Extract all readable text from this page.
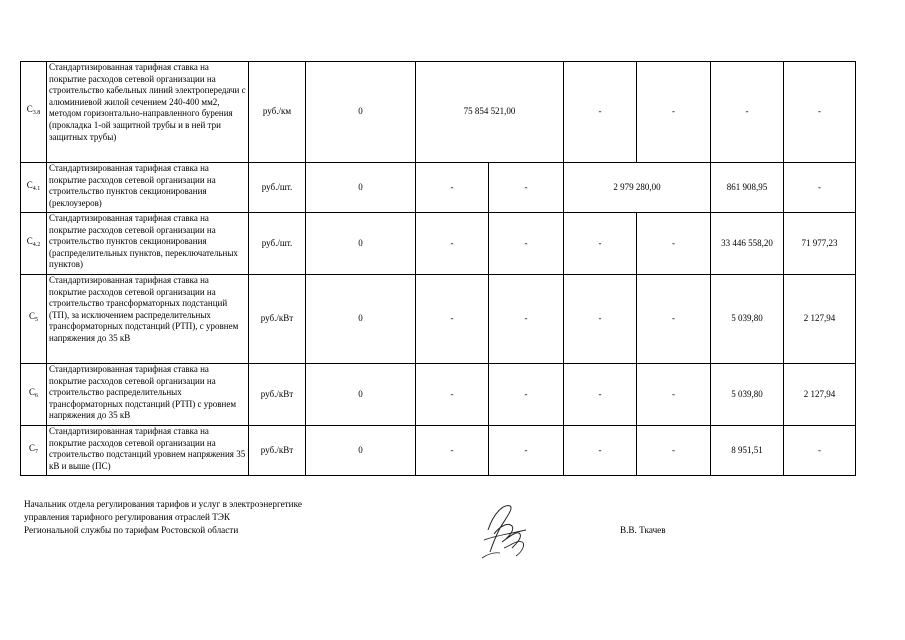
$C_{3.8}$	Стандартизированная тарифная ставка на покрытие расходов сетевой организации на строительство кабельных линий электропередачи с алюминиевой жилой сечением 240-400 мм2, методом горизонтально-направленного бурения (прокладка 1-ой защитной трубы и в ней три защитных трубы)	руб./км	0	75 854 521,00		-	-	-	-
$C_{4.1}$	Стандартизированная тарифная ставка на покрытие расходов сетевой организации на строительство пунктов секционирования (реклоузеров)	руб./шт.	0	-	-	2 979 280,00		861 908,95	-
$C_{4.2}$	Стандартизированная тарифная ставка на покрытие расходов сетевой организации на строительство пунктов секционирования (распределительных пунктов, переключательных пунктов)	руб./шт.	0	-	-	-	-	33 446 558,20	71 977,23
$C_5$	Стандартизированная тарифная ставка на покрытие расходов сетевой организации на строительство трансформаторных подстанций (ТП), за исключением распределительных трансформаторных подстанций (РТП), с уровнем напряжения до 35 кВ	руб./кВт	0	-	-	-	-	5 039,80	2 127,94
$C_6$	Стандартизированная тарифная ставка на покрытие расходов сетевой организации на строительство распределительных трансформаторных подстанций (РТП) с уровнем напряжения до 35 кВ	руб./кВт	0	-	-	-	-	5 039,80	2 127,94
$C_7$	Стандартизированная тарифная ставка на покрытие расходов сетевой организации на строительство подстанций уровнем напряжения 35 кВ и выше (ПС)	руб./кВт	0	-	-	-	-	8 951,51	-
Начальник отдела регулирования тарифов и услуг в электроэнергетике
управления тарифного регулирования отраслей ТЭК
Региональной службы по тарифам Ростовской области	В.В. Ткачев
